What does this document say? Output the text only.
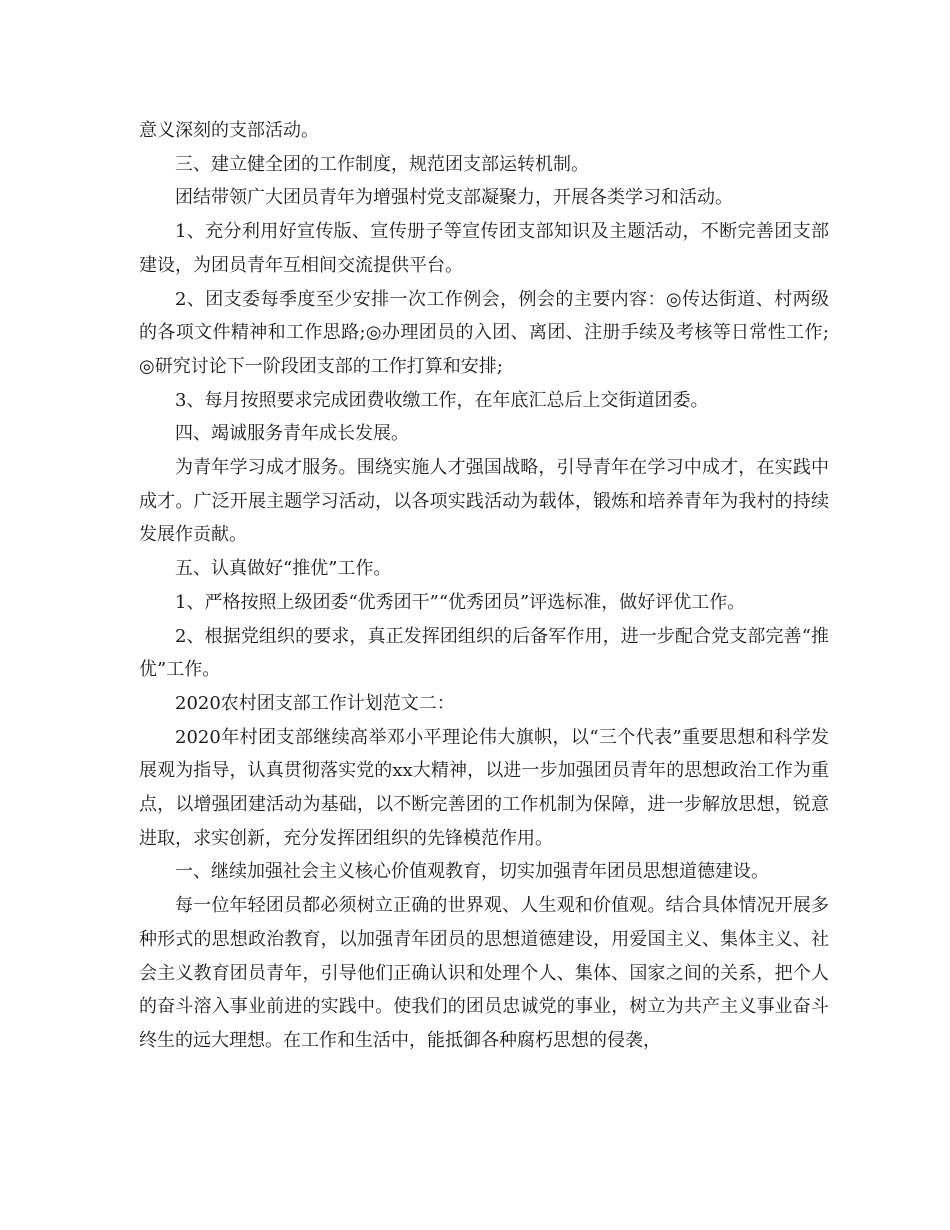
意义深刻的支部活动。

三、建立健全团的工作制度，规范团支部运转机制。

团结带领广大团员青年为增强村党支部凝聚力，开展各类学习和活动。

1、充分利用好宣传版、宣传册子等宣传团支部知识及主题活动，不断完善团支部建设，为团员青年互相间交流提供平台。

2、团支委每季度至少安排一次工作例会，例会的主要内容：◎传达街道、村两级的各项文件精神和工作思路;◎办理团员的入团、离团、注册手续及考核等日常性工作;◎研究讨论下一阶段团支部的工作打算和安排;

3、每月按照要求完成团费收缴工作，在年底汇总后上交街道团委。

四、竭诚服务青年成长发展。

为青年学习成才服务。围绕实施人才强国战略，引导青年在学习中成才，在实践中成才。广泛开展主题学习活动，以各项实践活动为载体，锻炼和培养青年为我村的持续发展作贡献。

五、认真做好“推优”工作。

1、严格按照上级团委“优秀团干”“优秀团员”评选标准，做好评优工作。

2、根据党组织的要求，真正发挥团组织的后备军作用，进一步配合党支部完善“推优”工作。

2020农村团支部工作计划范文二：

2020年村团支部继续高举邓小平理论伟大旗帜，以“三个代表”重要思想和科学发展观为指导，认真贯彻落实党的xx大精神，以进一步加强团员青年的思想政治工作为重点，以增强团建活动为基础，以不断完善团的工作机制为保障，进一步解放思想，锐意进取，求实创新，充分发挥团组织的先锋模范作用。

一、继续加强社会主义核心价值观教育，切实加强青年团员思想道德建设。

每一位年轻团员都必须树立正确的世界观、人生观和价值观。结合具体情况开展多种形式的思想政治教育，以加强青年团员的思想道德建设，用爱国主义、集体主义、社会主义教育团员青年，引导他们正确认识和处理个人、集体、国家之间的关系，把个人的奋斗溶入事业前进的实践中。使我们的团员忠诚党的事业，树立为共产主义事业奋斗终生的远大理想。在工作和生活中，能抵御各种腐朽思想的侵袭，
